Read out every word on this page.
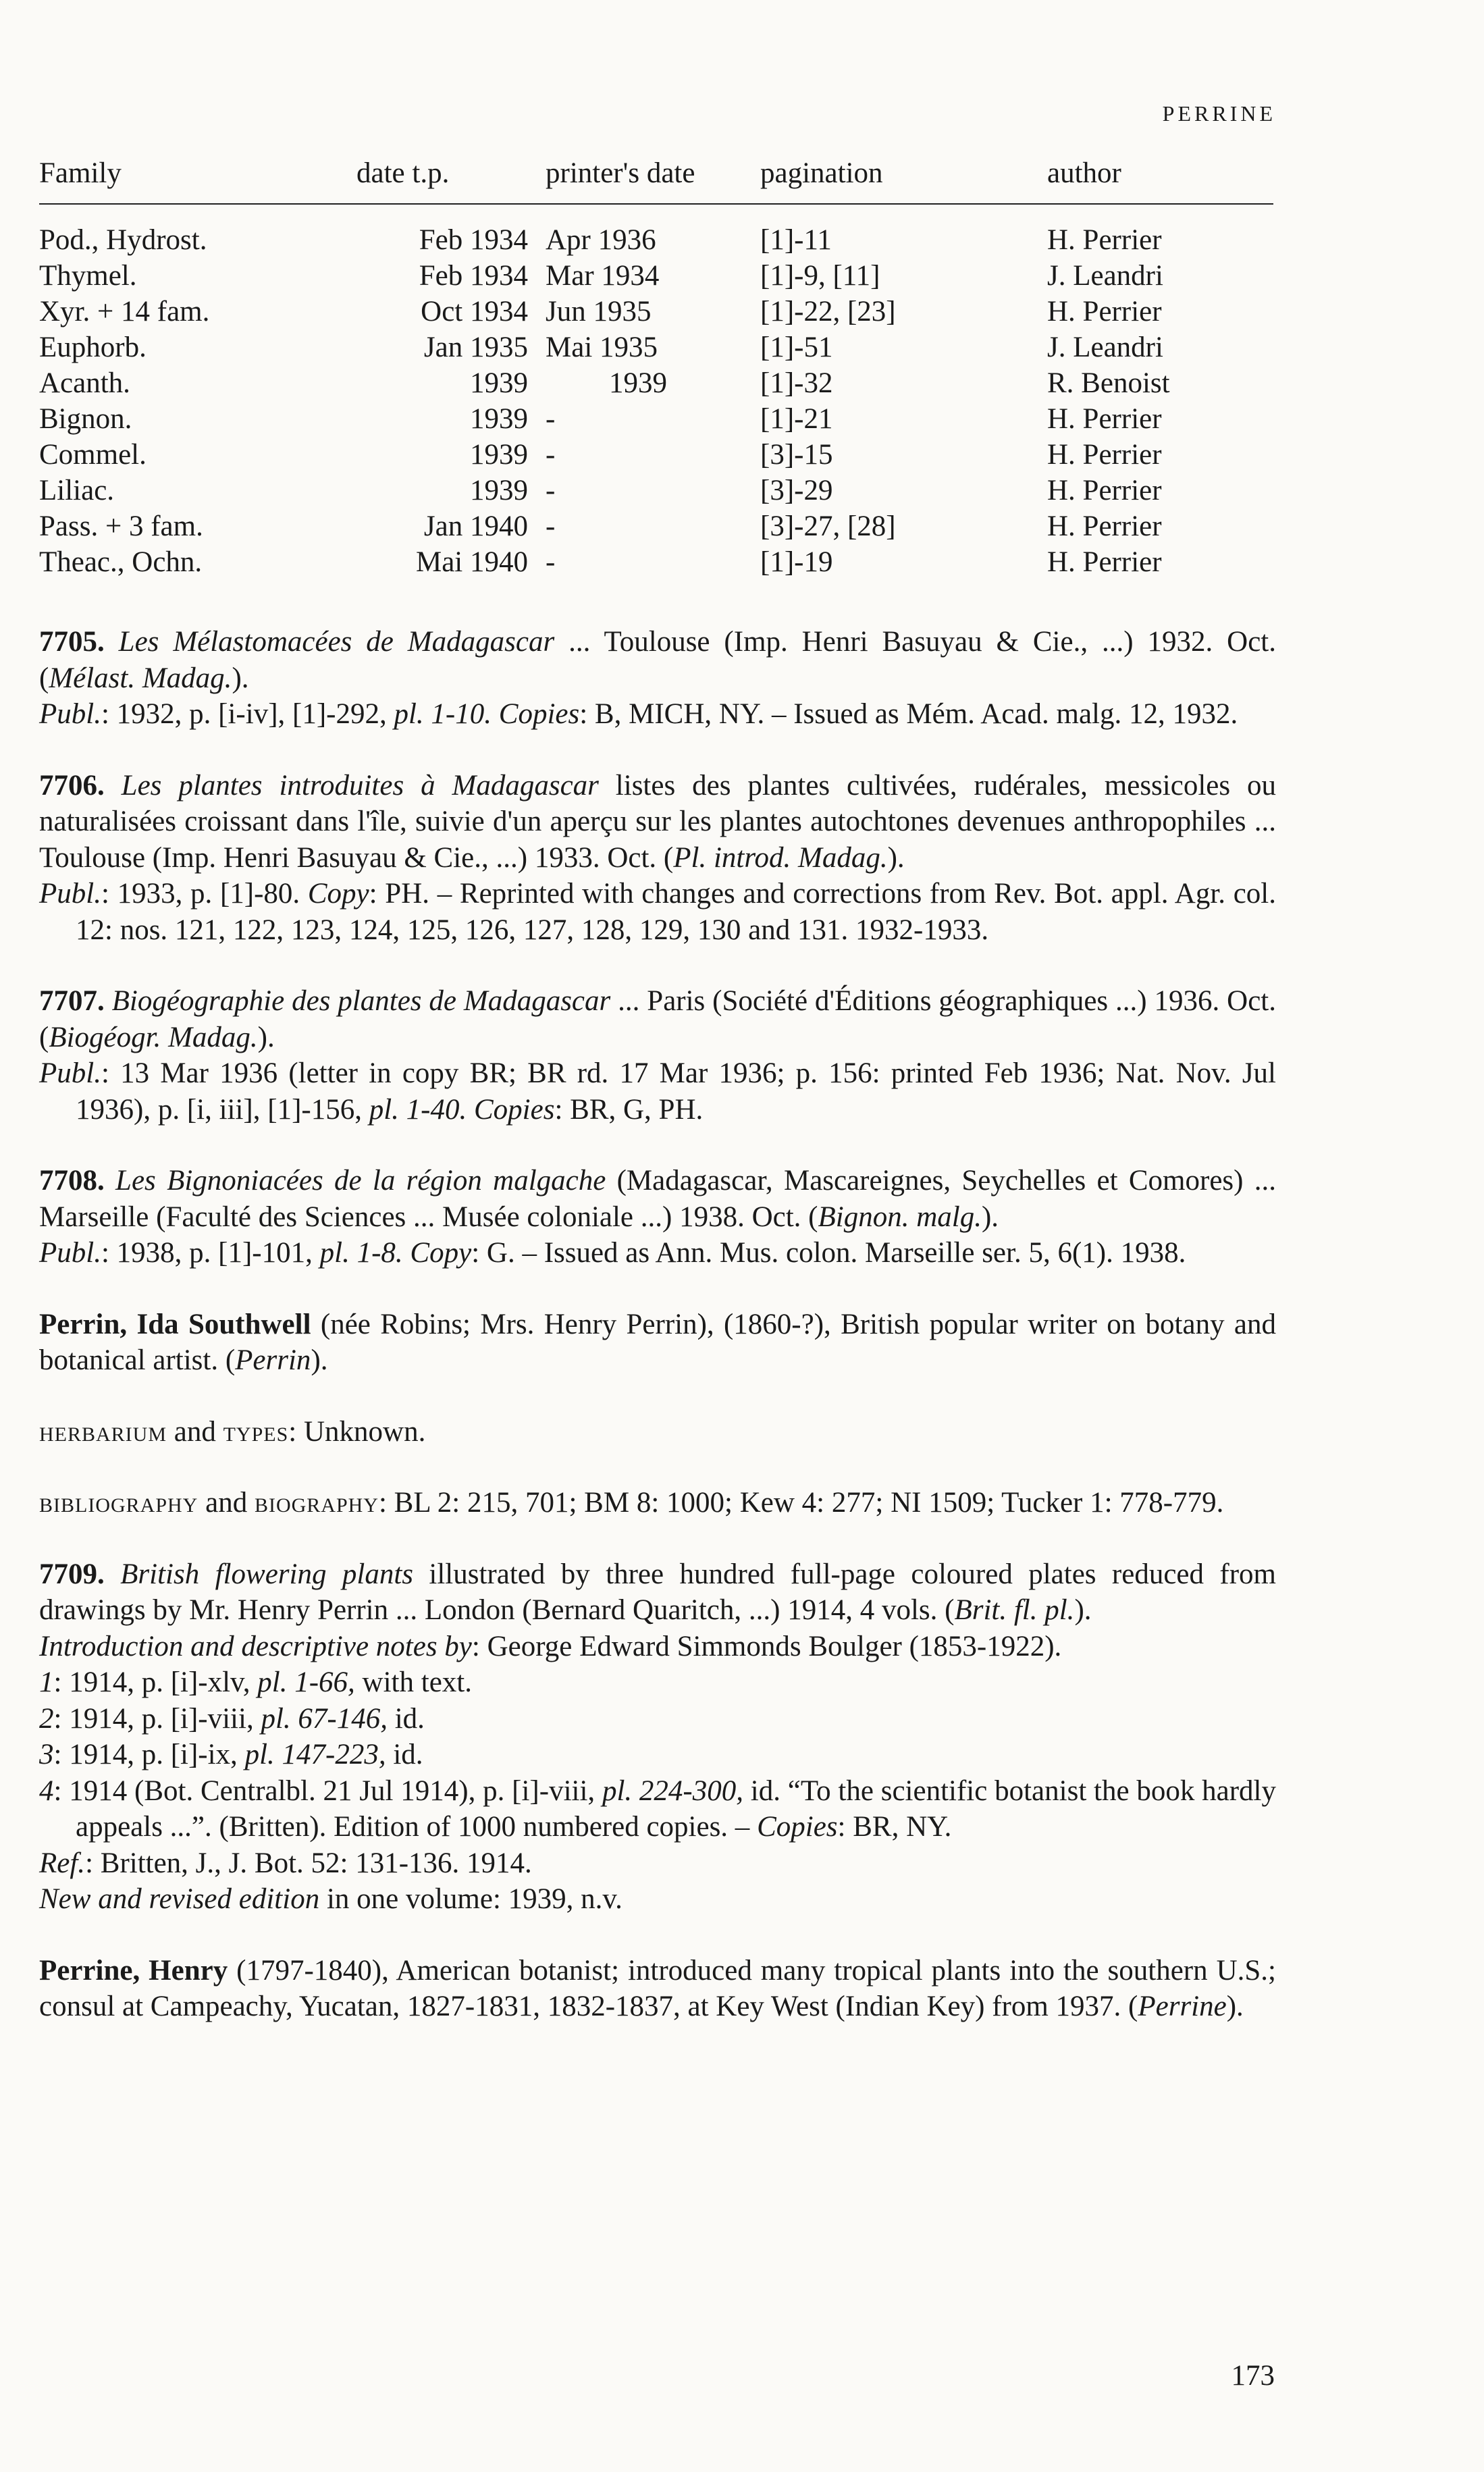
PERRINE
Family	date t.p.	printer's date	pagination	author

Pod., Hydrost.	Feb 1934	Apr 1936	[1]-11	H. Perrier
Thymel.	Feb 1934	Mar 1934	[1]-9, [11]	J. Leandri
Xyr. + 14 fam.	Oct 1934	Jun 1935	[1]-22, [23]	H. Perrier
Euphorb.	Jan 1935	Mai 1935	[1]-51	J. Leandri
Acanth.	1939	1939	[1]-32	R. Benoist
Bignon.	1939	-	[1]-21	H. Perrier
Commel.	1939	-	[3]-15	H. Perrier
Liliac.	1939	-	[3]-29	H. Perrier
Pass. + 3 fam.	Jan 1940	-	[3]-27, [28]	H. Perrier
Theac., Ochn.	Mai 1940	-	[1]-19	H. Perrier

7705. Les Mélastomacées de Madagascar ... Toulouse (Imp. Henri Basuyau & Cie., ...) 1932. Oct. (Mélast. Madag.).

Publ.: 1932, p. [i-iv], [1]-292, pl. 1-10. Copies: B, MICH, NY. – Issued as Mém. Acad. malg. 12, 1932.

7706. Les plantes introduites à Madagascar listes des plantes cultivées, rudérales, messicoles ou naturalisées croissant dans l'île, suivie d'un aperçu sur les plantes autochtones devenues anthropophiles ... Toulouse (Imp. Henri Basuyau & Cie., ...) 1933. Oct. (Pl. introd. Madag.).

Publ.: 1933, p. [1]-80. Copy: PH. – Reprinted with changes and corrections from Rev. Bot. appl. Agr. col. 12: nos. 121, 122, 123, 124, 125, 126, 127, 128, 129, 130 and 131. 1932-1933.

7707. Biogéographie des plantes de Madagascar ... Paris (Société d'Éditions géographiques ...) 1936. Oct. (Biogéogr. Madag.).

Publ.: 13 Mar 1936 (letter in copy BR; BR rd. 17 Mar 1936; p. 156: printed Feb 1936; Nat. Nov. Jul 1936), p. [i, iii], [1]-156, pl. 1-40. Copies: BR, G, PH.

7708. Les Bignoniacées de la région malgache (Madagascar, Mascareignes, Seychelles et Comores) ... Marseille (Faculté des Sciences ... Musée coloniale ...) 1938. Oct. (Bignon. malg.).

Publ.: 1938, p. [1]-101, pl. 1-8. Copy: G. – Issued as Ann. Mus. colon. Marseille ser. 5, 6(1). 1938.

Perrin, Ida Southwell (née Robins; Mrs. Henry Perrin), (1860-?), British popular writer on botany and botanical artist. (Perrin).

herbarium and types: Unknown.

bibliography and biography: BL 2: 215, 701; BM 8: 1000; Kew 4: 277; NI 1509; Tucker 1: 778-779.

7709. British flowering plants illustrated by three hundred full-page coloured plates reduced from drawings by Mr. Henry Perrin ... London (Bernard Quaritch, ...) 1914, 4 vols. (Brit. fl. pl.).

Introduction and descriptive notes by: George Edward Simmonds Boulger (1853-1922).

1: 1914, p. [i]-xlv, pl. 1-66, with text.

2: 1914, p. [i]-viii, pl. 67-146, id.

3: 1914, p. [i]-ix, pl. 147-223, id.

4: 1914 (Bot. Centralbl. 21 Jul 1914), p. [i]-viii, pl. 224-300, id. “To the scientific botanist the book hardly appeals ...”. (Britten). Edition of 1000 numbered copies. – Copies: BR, NY.

Ref.: Britten, J., J. Bot. 52: 131-136. 1914.

New and revised edition in one volume: 1939, n.v.

Perrine, Henry (1797-1840), American botanist; introduced many tropical plants into the southern U.S.; consul at Campeachy, Yucatan, 1827-1831, 1832-1837, at Key West (Indian Key) from 1937. (Perrine).

173
